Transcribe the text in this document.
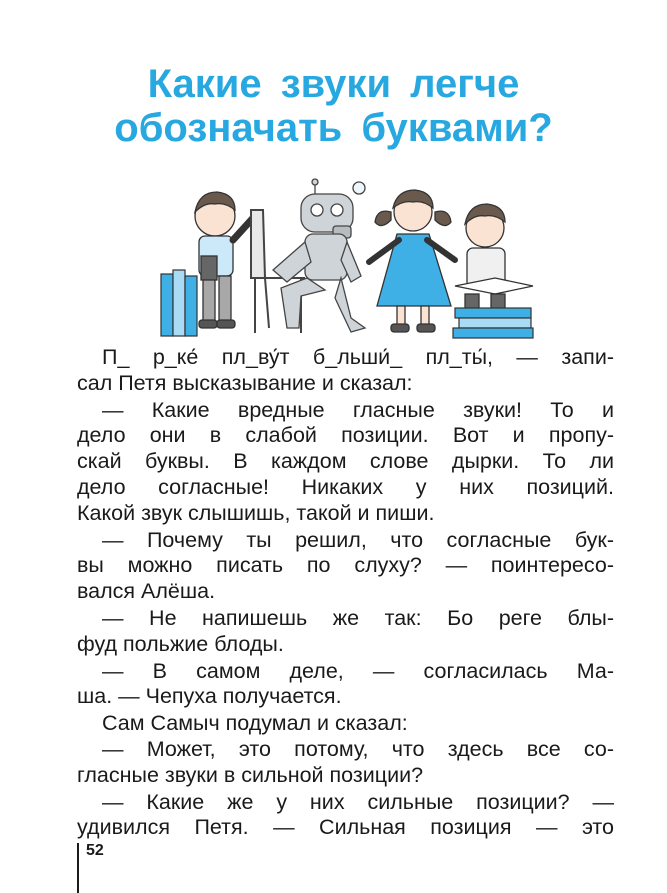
Какие звуки легче
обозначать буквами?
П_ р_ке́ пл_ву́т б_льши́_ пл_ты́, — запи-
сал Петя высказывание и сказал:
— Какие вредные гласные звуки! То и
дело они в слабой позиции. Вот и пропу-
скай буквы. В каждом слове дырки. То ли
дело согласные! Никаких у них позиций.
Какой звук слышишь, такой и пиши.
— Почему ты решил, что согласные бук-
вы можно писать по слуху? — поинтересо-
вался Алёша.
— Не напишешь же так: Бо реге блы-
фуд польжие блоды.
— В самом деле, — согласилась Ма-
ша. — Чепуха получается.
Сам Самыч подумал и сказал:
— Может, это потому, что здесь все со-
гласные звуки в сильной позиции?
— Какие же у них сильные позиции? —
удивился Петя. — Сильная позиция — это
52
